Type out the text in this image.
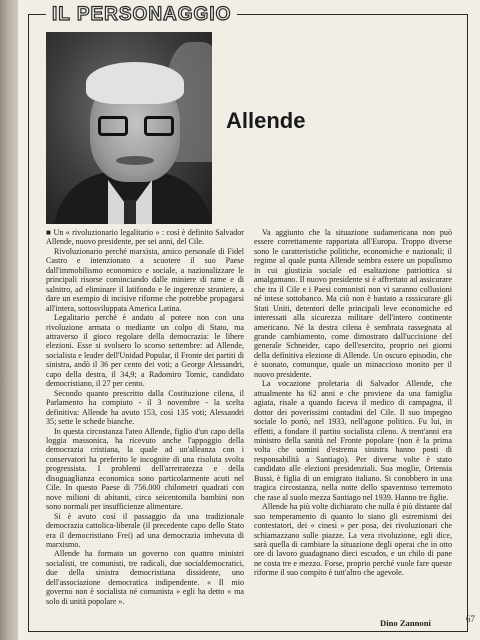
IL PERSONAGGIO
Allende

■ Un « rivoluzionario legalitario » : così è definito Salvador Allende, nuovo presidente, per sei anni, del Cile.

Rivoluzionario perché marxista, amico personale di Fidel Castro e intenzionato a scuotere il suo Paese dall'immobilismo economico e sociale, a nazionalizzare le principali risorse cominciando dalle miniere di rame e di salnitro, ad eliminare il latifondo e le ingerenze straniere, a dare un esempio di incisive riforme che potrebbe propagarsi all'intera, sottosviluppata America Latina.

Legalitario perché è andato al potere non con una rivoluzione armata o mediante un colpo di Stato, ma attraverso il gioco regolare della democrazia: le libere elezioni. Esse si svolsero lo scorso settembre: ad Allende, socialista e leader dell'Unidad Popular, il Fronte dei partiti di sinistra, andò il 36 per cento dei voti; a George Alessandri, capo della destra, il 34,9; a Radomiro Tomic, candidato democristiano, il 27 per cento.

Secondo quanto prescritto dalla Costituzione cilena, il Parlamento ha compiuto - il 3 novembre - la scelta definitiva: Allende ha avuto 153, così 135 voti; Alessandri 35; sette le schede bianche.

In questa circostanza l'ateo Allende, figlio d'un capo della loggia massonica, ha ricevuto anche l'appoggio della democrazia cristiana, la quale ad un'alleanza con i conservatori ha preferito le incognite di una risoluta svolta progressista. I problemi dell'arretratezza e della disuguaglianza economica sono particolarmente acuti nel Cile. In questo Paese di 756.000 chilometri quadrati con nove milioni di abitanti, circa seicentomila bambini non sono normali per insufficienze alimentare.

Si è avuto così il passaggio da una tradizionale democrazia cattolica-liberale (il precedente capo dello Stato era il democristiano Frei) ad una democrazia imbevuta di marxismo.

Allende ha formato un governo con quattro ministri socialisti, tre comunisti, tre radicali, due socialdemocratici, due della sinistra democristiana dissidente, uno dell'associazione democratica indipendente. « Il mio governo non è socialista né comunista » egli ha detto « ma solo di unità popolare ».

Va aggiunto che la situazione sudamericana non può essere correttamente rapportata all'Europa. Troppo diverse sono le caratteristiche politiche, economiche e nazionali; il regime al quale punta Allende sembra essere un populismo in cui giustizia sociale ed esaltazione patriottica si amalgamano. Il nuovo presidente si è affrettato ad assicurare che tra il Cile e i Paesi comunisti non vi saranno collusioni né intese sottobanco. Ma ciò non è bastato a rassicurare gli Stati Uniti, detentori delle principali leve economiche ed interessati alla sicurezza militare dell'intero continente americano. Né la destra cilena è sembrata rassegnata al grande cambiamento, come dimostrato dall'uccisione del generale Schneider, capo dell'esercito, proprio nei giorni della definitiva elezione di Allende. Un oscuro episodio, che è suonato, comunque, quale un minaccioso monito per il nuovo presidente.

La vocazione proletaria di Salvador Allende, che attualmente ha 62 anni e che proviene da una famiglia agiata, risale a quando faceva il medico di campagna, il dottor dei poverissimi contadini del Cile. Il suo impegno sociale lo portò, nel 1933, nell'agone politico. Fu lui, in effetti, a fondare il partito socialista cileno. A trent'anni era ministro della sanità nel Fronte popolare (non è la prima volta che uomini d'estrema sinistra hanno posti di responsabilità a Santiago). Per diverse volte è stato candidato alle elezioni presidenziali. Sua moglie, Ortensia Bussi, è figlia di un emigrato italiano. Si conobbero in una tragica circostanza, nella notte dello spaventoso terremoto che rase al suolo mezza Santiago nel 1939. Hanno tre figlie.

Allende ha più volte dichiarato che nulla è più distante dal suo temperamento di quanto lo siano gli estremismi dei contestatori, dei « cinesi » per posa, dei rivoluzionari che schiamazzano sulle piazze. La vera rivoluzione, egli dice, sarà quella di cambiare la situazione degli operai che in otto ore di lavoro guadagnano dieci escudos, e un chilo di pane ne costa tre e mezzo. Forse, proprio perché vuole fare queste riforme il suo compito è tutt'altro che agevole.

Dino Zannoni	67
